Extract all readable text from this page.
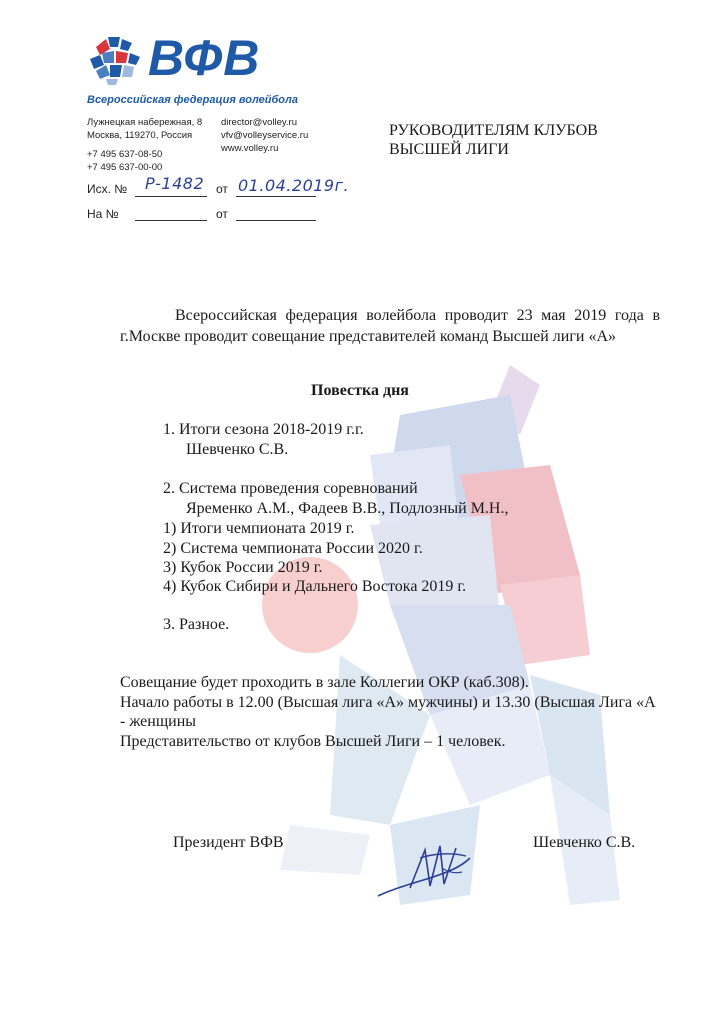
ВФВ
Всероссийская федерация волейбола
Лужнецкая набережная, 8
Москва, 119270, Россия
+7 495 637-08-50
+7 495 637-00-00
director@volley.ru
vfv@volleyservice.ru
www.volley.ru
Исх. № Р-1482 от 01.04.2019г.
На №	от
РУКОВОДИТЕЛЯМ КЛУБОВ
ВЫСШЕЙ ЛИГИ
Всероссийская федерация волейбола проводит 23 мая 2019 года в г.Москве проводит совещание представителей команд Высшей лиги «А»
Повестка дня
1. Итоги сезона 2018-2019 г.г.
Шевченко С.В.
2. Система проведения соревнований
Яременко А.М., Фадеев В.В., Подлозный М.Н.,
1) Итоги чемпионата 2019 г.
2) Система чемпионата России 2020 г.
3) Кубок России 2019 г.
4) Кубок Сибири и Дальнего Востока 2019 г.
3. Разное.
Совещание будет проходить в зале Коллегии ОКР (каб.308).
Начало работы в 12.00 (Высшая лига «А» мужчины) и 13.30 (Высшая Лига «А
- женщины
Представительство от клубов Высшей Лиги – 1 человек.
Президент ВФВ	Шевченко С.В.
